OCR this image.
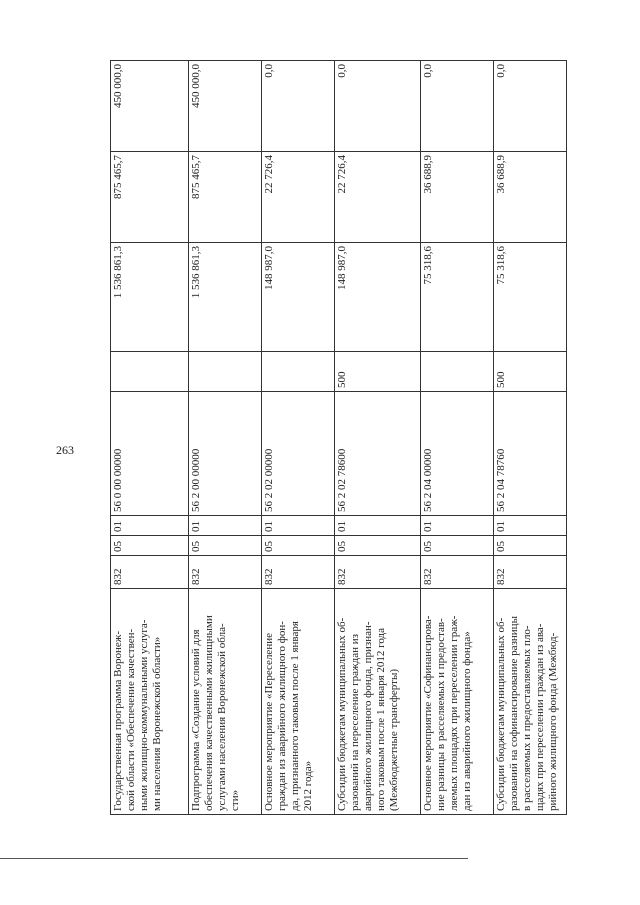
263
Государственная программа Воронеж-
ской области «Обеспечение качествен-
ными жилищно-коммунальными услуга-
ми населения Воронежской области»	832	05	01	56 0 00 00000		1 536 861,3	875 465,7	450 000,0
Подпрограмма «Создание условий для
обеспечения качественными жилищными
услугами населения Воронежской обла-
сти»	832	05	01	56 2 00 00000		1 536 861,3	875 465,7	450 000,0
Основное мероприятие «Переселение
граждан из аварийного жилищного фон-
да, признанного таковым после 1 января
2012 года»	832	05	01	56 2 02 00000		148 987,0	22 726,4	0,0
Субсидии бюджетам муниципальных об-
разований на переселение граждан из
аварийного жилищного фонда, признан-
ного таковым после 1 января 2012 года
(Межбюджетные трансферты)	832	05	01	56 2 02 78600	500	148 987,0	22 726,4	0,0
Основное мероприятие «Софинансирова-
ние разницы в расселяемых и предостав-
ляемых площадях при переселении граж-
дан из аварийного жилищного фонда»	832	05	01	56 2 04 00000		75 318,6	36 688,9	0,0
Субсидии бюджетам муниципальных об-
разований на софинансирование разницы
в расселяемых и предоставляемых пло-
щадях при переселении граждан из ава-
рийного жилищного фонда (Межбюд-	832	05	01	56 2 04 78760	500	75 318,6	36 688,9	0,0
